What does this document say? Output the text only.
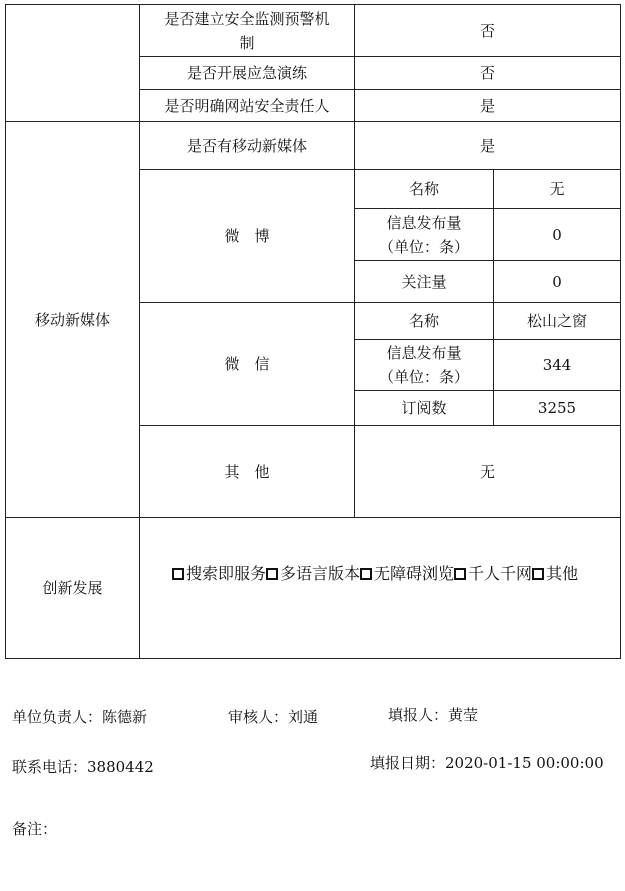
	是否建立安全监测预警机制	否	
	是否开展应急演练	否	
	是否明确网站安全责任人	是	
移动新媒体	是否有移动新媒体	是	
	微　博	名称	无
		信息发布量（单位：条）	0
		关注量	0
	微　信	名称	松山之窗
		信息发布量（单位：条）	344
		订阅数	3255
	其　他	无	
创新发展	搜索即服务 多语言版本 无障碍浏览 千人千网 其他		
单位负责人：陈德新	审核人：刘通	填报人：黄莹
联系电话：3880442	填报日期：2020-01-15 00:00:00
备注：
